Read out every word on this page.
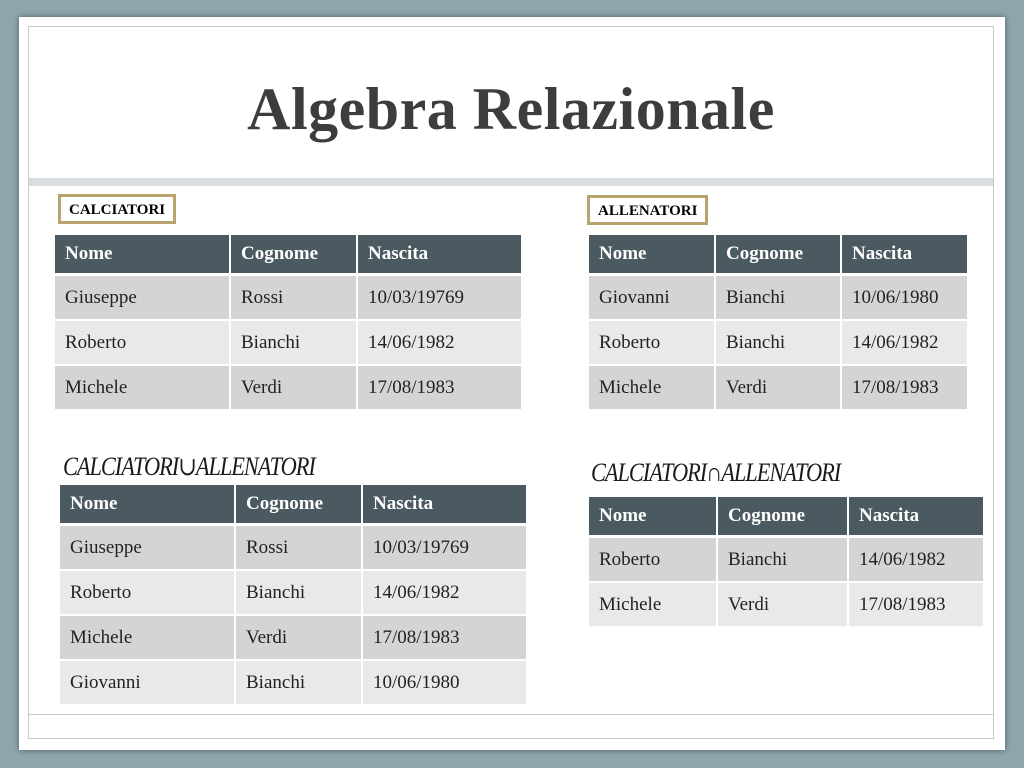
Algebra Relazionale
CALCIATORI
Nome	Cognome	Nascita
Giuseppe	Rossi	10/03/19769
Roberto	Bianchi	14/06/1982
Michele	Verdi	17/08/1983
ALLENATORI
Nome	Cognome	Nascita
Giovanni	Bianchi	10/06/1980
Roberto	Bianchi	14/06/1982
Michele	Verdi	17/08/1983
CALCIATORI∪ALLENATORI
Nome	Cognome	Nascita
Giuseppe	Rossi	10/03/19769
Roberto	Bianchi	14/06/1982
Michele	Verdi	17/08/1983
Giovanni	Bianchi	10/06/1980
CALCIATORI∩ALLENATORI
Nome	Cognome	Nascita
Roberto	Bianchi	14/06/1982
Michele	Verdi	17/08/1983
